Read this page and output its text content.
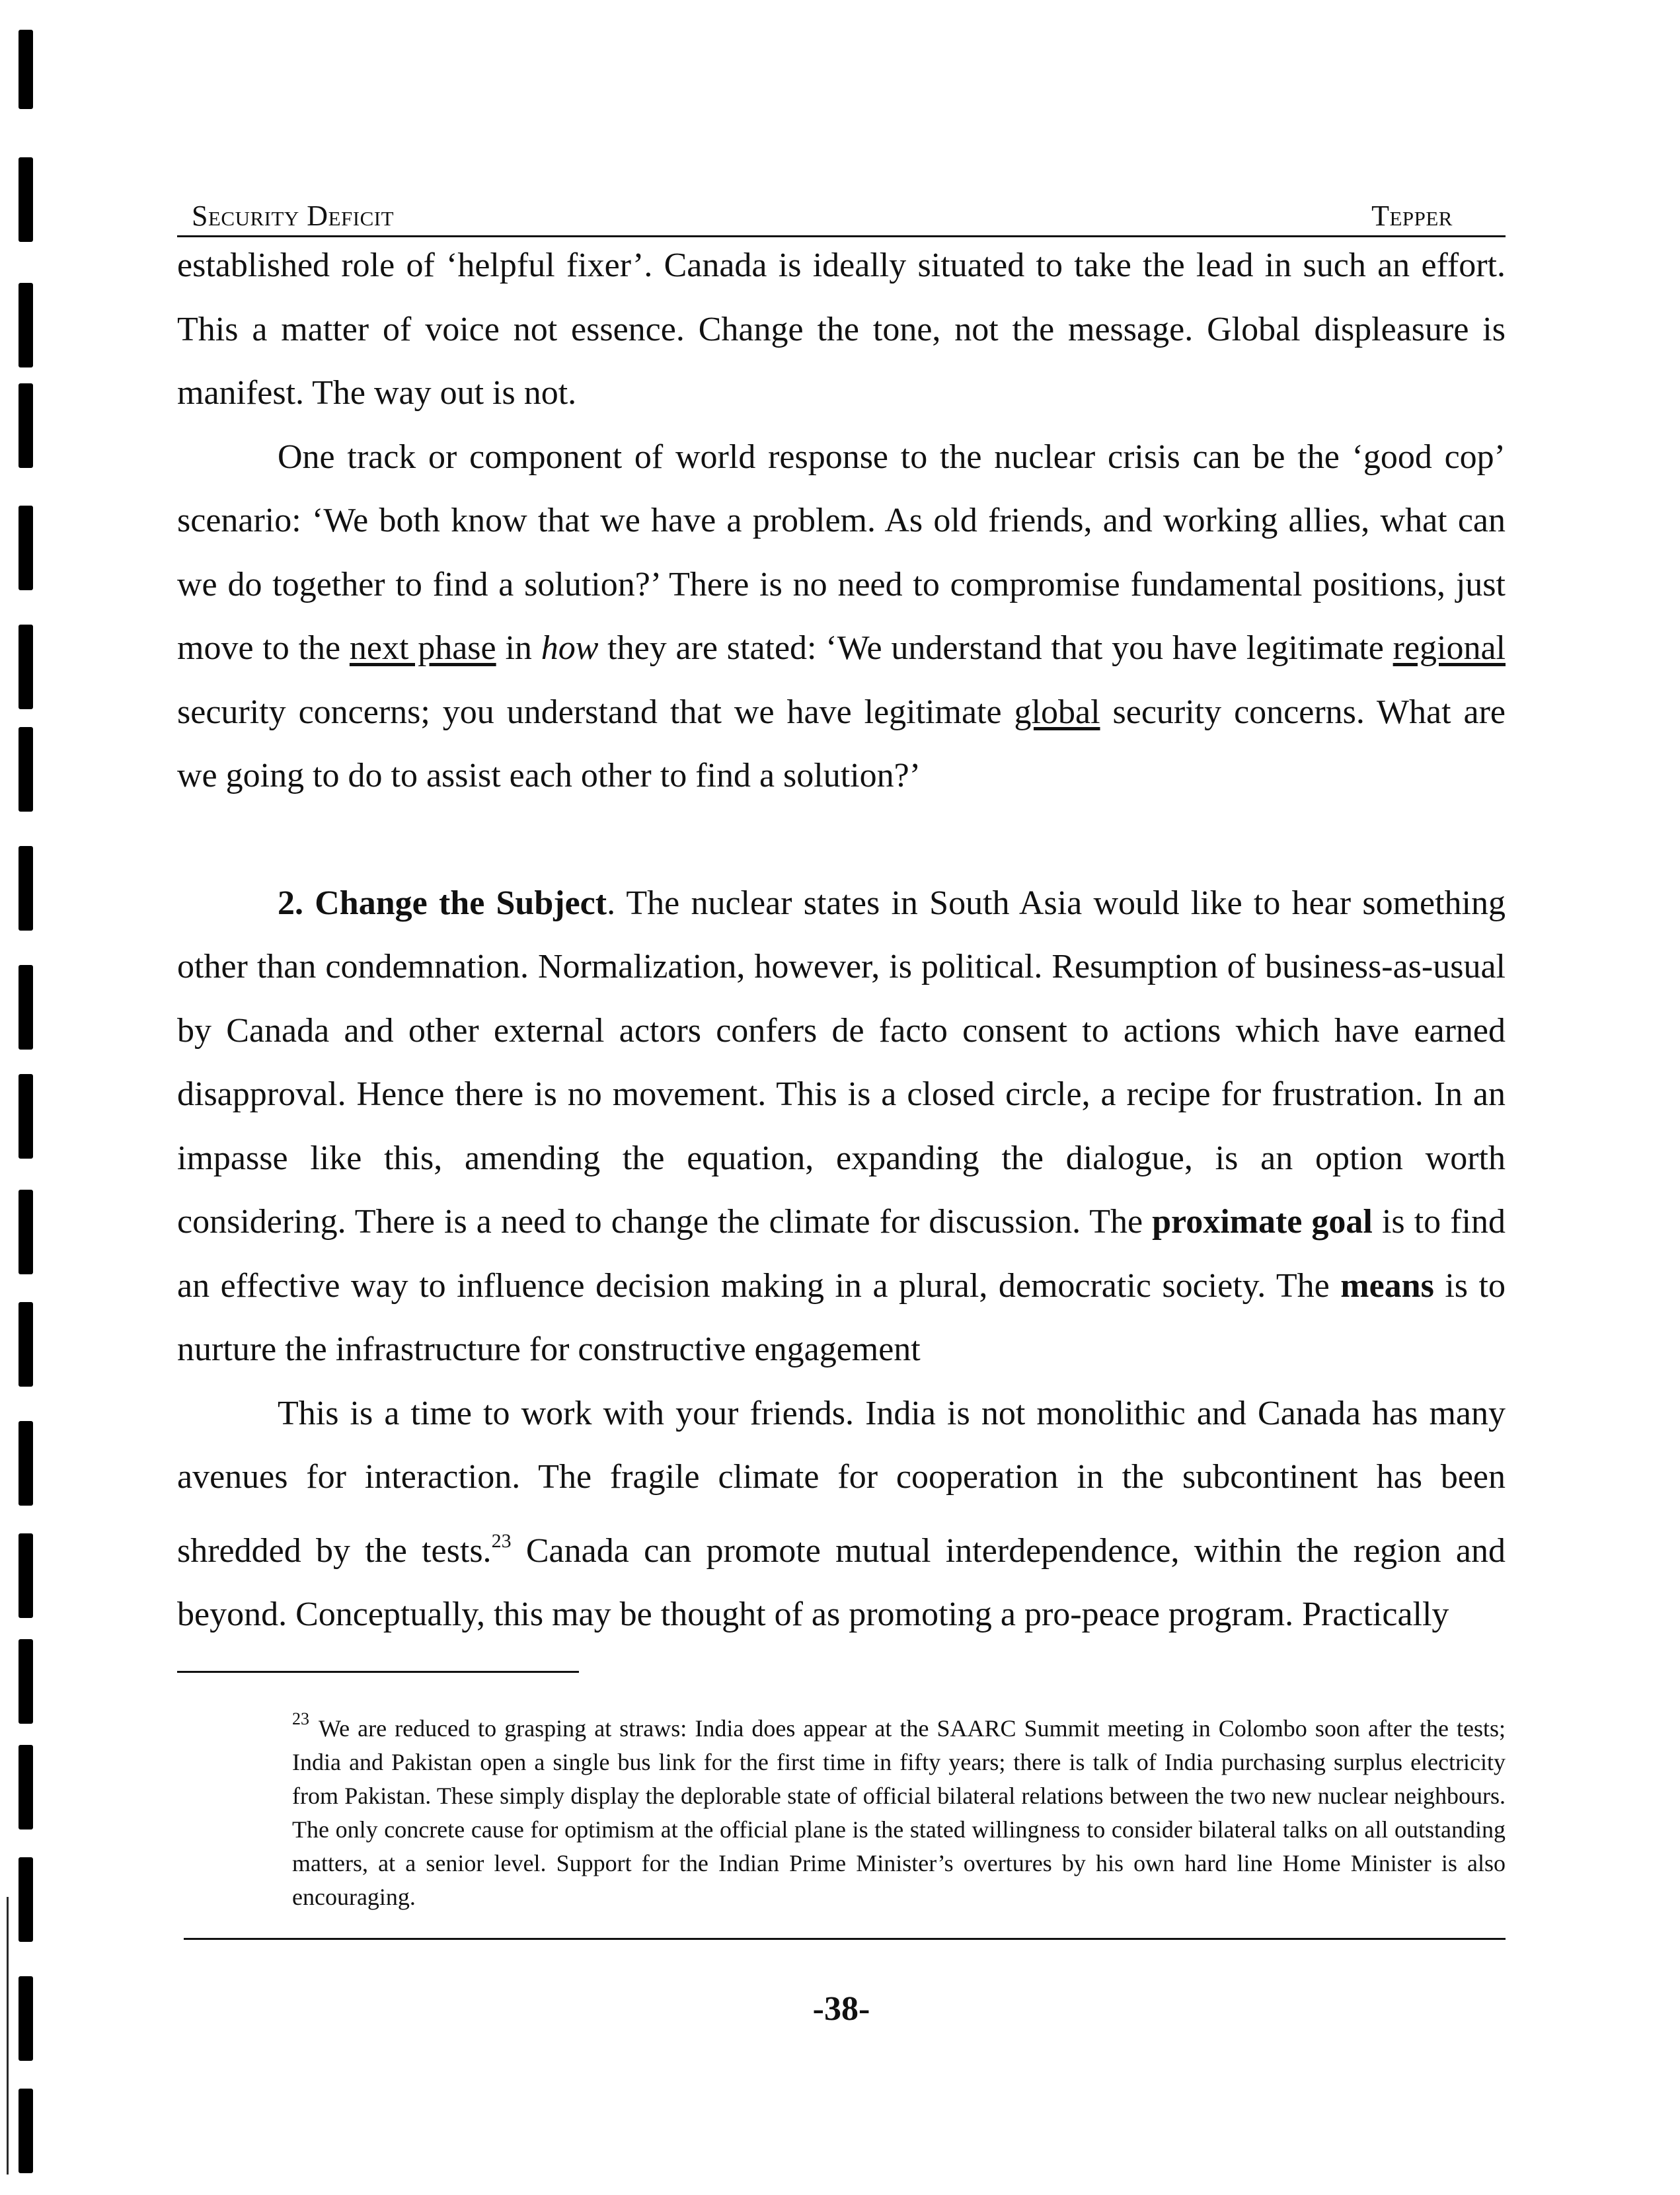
Security Deficit	Tepper

established role of ‘helpful fixer’. Canada is ideally situated to take the lead in such an effort. This a matter of voice not essence. Change the tone, not the message. Global displeasure is manifest. The way out is not.

One track or component of world response to the nuclear crisis can be the ‘good cop’ scenario: ‘We both know that we have a problem. As old friends, and working allies, what can we do together to find a solution?’ There is no need to compromise fundamental positions, just move to the next phase in how they are stated: ‘We understand that you have legitimate regional security concerns; you understand that we have legitimate global security concerns. What are we going to do to assist each other to find a solution?’

2. Change the Subject. The nuclear states in South Asia would like to hear something other than condemnation. Normalization, however, is political. Resumption of business-as-usual by Canada and other external actors confers de facto consent to actions which have earned disapproval. Hence there is no movement. This is a closed circle, a recipe for frustration. In an impasse like this, amending the equation, expanding the dialogue, is an option worth considering. There is a need to change the climate for discussion. The proximate goal is to find an effective way to influence decision making in a plural, democratic society. The means is to nurture the infrastructure for constructive engagement

This is a time to work with your friends. India is not monolithic and Canada has many avenues for interaction. The fragile climate for cooperation in the subcontinent has been shredded by the tests.$^{23}$ Canada can promote mutual interdependence, within the region and beyond. Conceptually, this may be thought of as promoting a pro-peace program. Practically

$^{23}$ We are reduced to grasping at straws: India does appear at the SAARC Summit meeting in Colombo soon after the tests; India and Pakistan open a single bus link for the first time in fifty years; there is talk of India purchasing surplus electricity from Pakistan. These simply display the deplorable state of official bilateral relations between the two new nuclear neighbours. The only concrete cause for optimism at the official plane is the stated willingness to consider bilateral talks on all outstanding matters, at a senior level. Support for the Indian Prime Minister’s overtures by his own hard line Home Minister is also encouraging.
-38-
